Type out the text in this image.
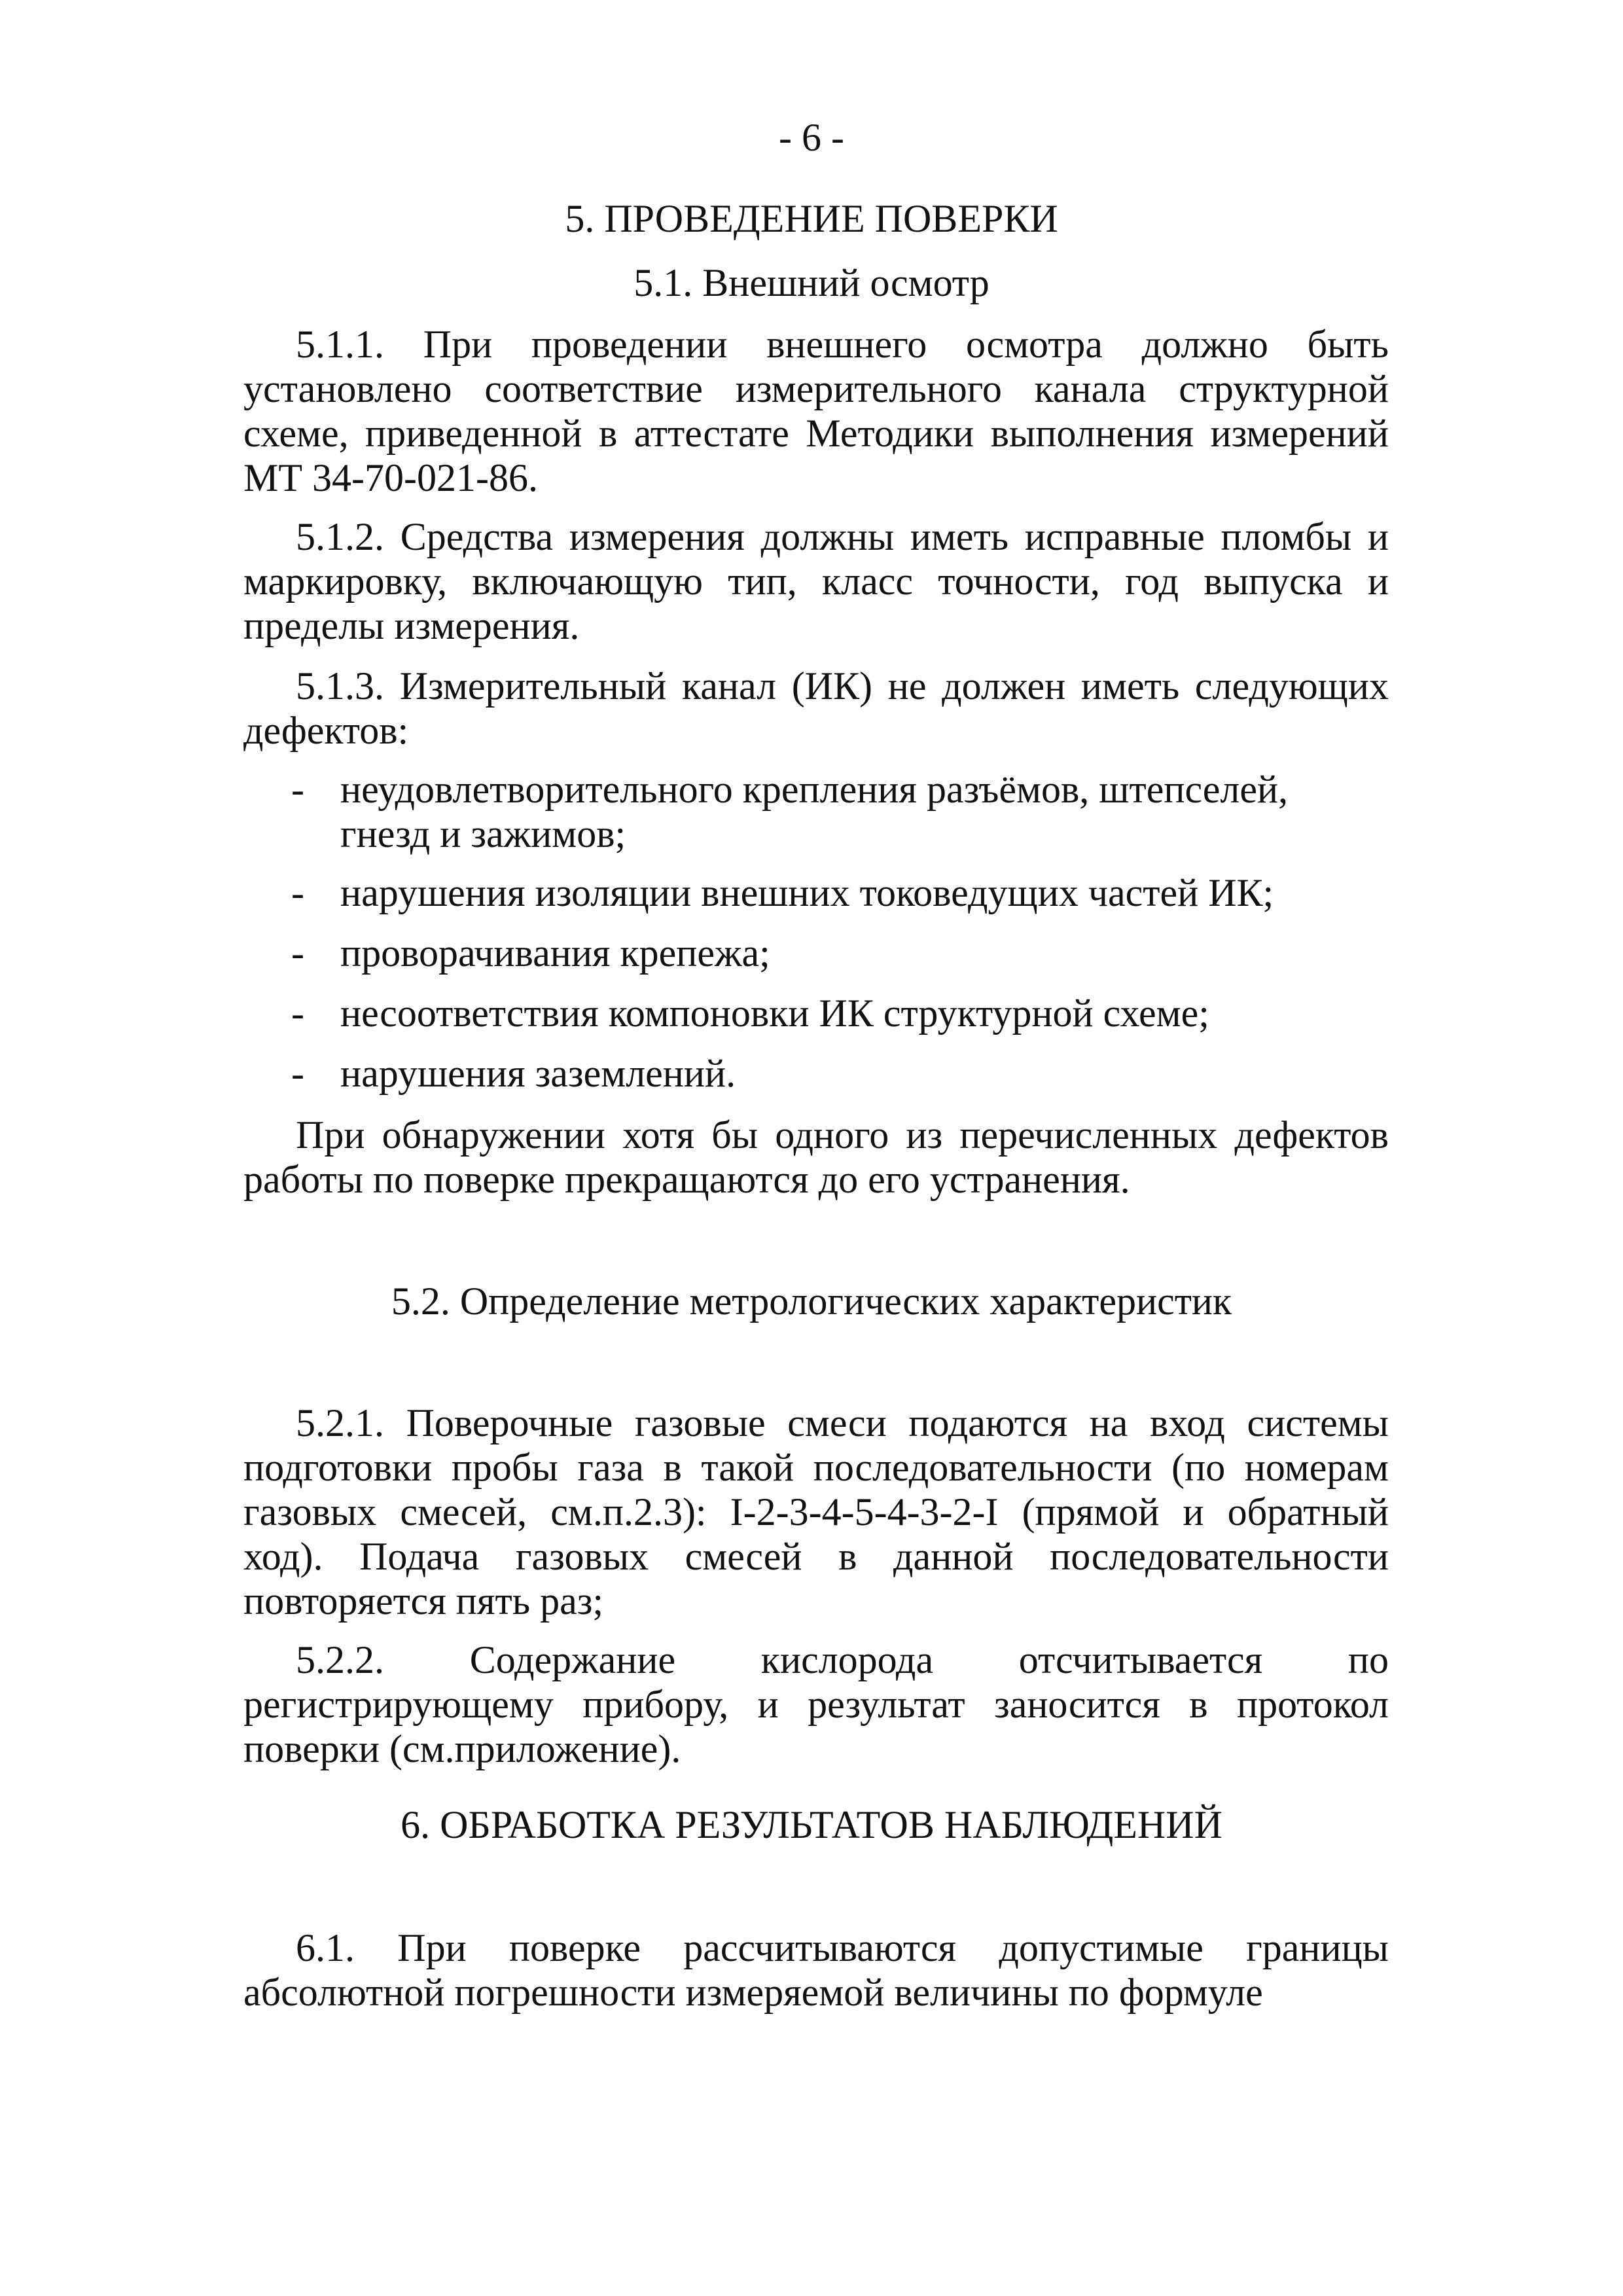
- 6 -
5. ПРОВЕДЕНИЕ ПОВЕРКИ
5.1. Внешний осмотр
5.1.1. При проведении внешнего осмотра должно быть установлено соответствие измерительного канала структурной схеме, приведенной в аттестате Методики выполнения измерений МТ 34-70-021-86.
5.1.2. Средства измерения должны иметь исправные пломбы и маркировку, включающую тип, класс точности, год выпуска и пределы измерения.
5.1.3. Измерительный канал (ИК) не должен иметь следующих дефектов:
- неудовлетворительного крепления разъёмов, штепселей, гнезд и зажимов;
- нарушения изоляции внешних токоведущих частей ИК;
- проворачивания крепежа;
- несоответствия компоновки ИК структурной схеме;
- нарушения заземлений.
При обнаружении хотя бы одного из перечисленных дефектов работы по поверке прекращаются до его устранения.
5.2. Определение метрологических характеристик
5.2.1. Поверочные газовые смеси подаются на вход системы подготовки пробы газа в такой последовательности (по номерам газовых смесей, см.п.2.3): I-2-3-4-5-4-3-2-I (прямой и обратный ход). Подача газовых смесей в данной последовательности повторяется пять раз;
5.2.2. Содержание кислорода отсчитывается по регистрирующему прибору, и результат заносится в протокол поверки (см.приложение).
6. ОБРАБОТКА РЕЗУЛЬТАТОВ НАБЛЮДЕНИЙ
6.1. При поверке рассчитываются допустимые границы абсолютной погрешности измеряемой величины по формуле
